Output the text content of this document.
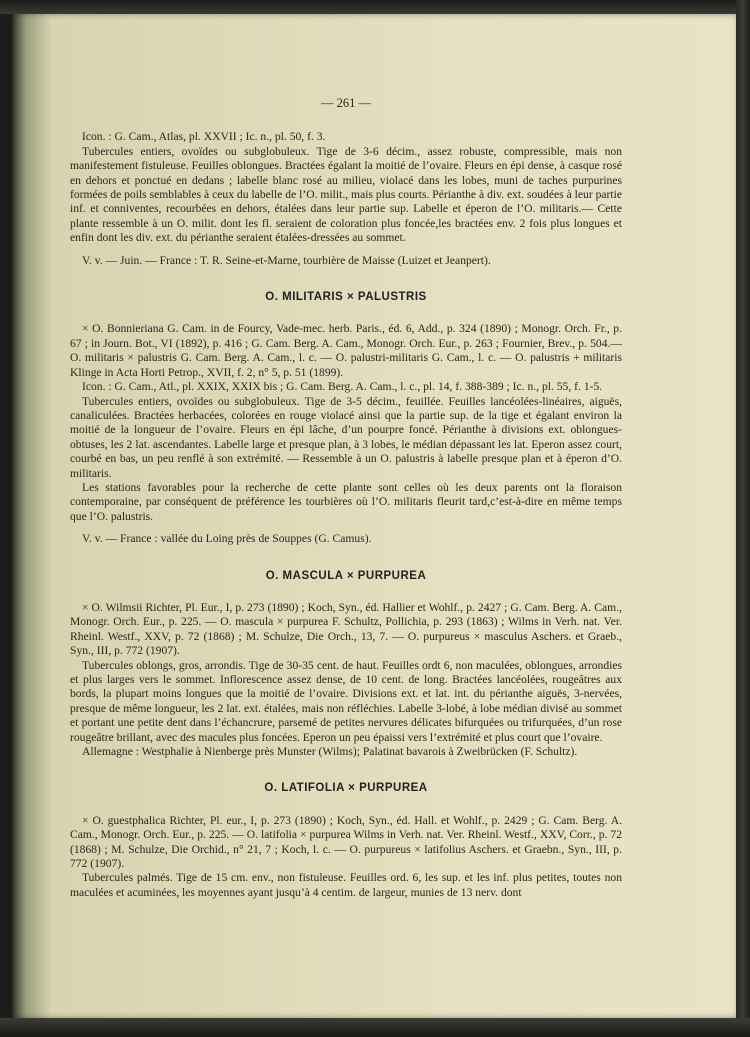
— 261 —
Icon. : G. Cam., Atlas, pl. XXVII ; Ic. n., pl. 50, f. 3.
Tubercules entiers, ovoïdes ou subglobuleux. Tige de 3-6 décim., assez robuste, compressible, mais non manifestement fistuleuse. Feuilles oblongues. Bractées égalant la moitié de l’ovaire. Fleurs en épi dense, à casque rosé en dehors et ponctué en dedans ; labelle blanc rosé au milieu, violacé dans les lobes, muni de taches purpurines formées de poils semblables à ceux du labelle de l’O. milit., mais plus courts. Périanthe à div. ext. soudées à leur partie inf. et conniventes, recourbées en dehors, étalées dans leur partie sup. Labelle et éperon de l’O. militaris.— Cette plante ressemble à un O. milit. dont les fl. seraient de coloration plus foncée,les bractées env. 2 fois plus longues et enfin dont les div. ext. du périanthe seraient étalées-dressées au sommet.
V. v. — Juin. — France : T. R. Seine-et-Marne, tourbière de Maisse (Luizet et Jeanpert).
O. MILITARIS × PALUSTRIS
× O. Bonnieriana G. Cam. in de Fourcy, Vade-mec. herb. Paris., éd. 6, Add., p. 324 (1890) ; Monogr. Orch. Fr., p. 67 ; in Journ. Bot., VI (1892), p. 416 ; G. Cam. Berg. A. Cam., Monogr. Orch. Eur., p. 263 ; Fournier, Brev., p. 504.— O. militaris × palustris G. Cam. Berg. A. Cam., l. c. — O. palustri-militaris G. Cam., l. c. — O. palustris + militaris Klinge in Acta Horti Petrop., XVII, f. 2, n° 5, p. 51 (1899).
Icon. : G. Cam., Atl., pl. XXIX, XXIX bis ; G. Cam. Berg. A. Cam., l. c., pl. 14, f. 388-389 ; Ic. n., pl. 55, f. 1-5.
Tubercules entiers, ovoïdes ou subglobuleux. Tige de 3-5 décim., feuillée. Feuilles lancéolées-linéaires, aiguës, canaliculées. Bractées herbacées, colorées en rouge violacé ainsi que la partie sup. de la tige et égalant environ la moitié de la longueur de l’ovaire. Fleurs en épi lâche, d’un pourpre foncé. Périanthe à divisions ext. oblongues-obtuses, les 2 lat. ascendantes. Labelle large et presque plan, à 3 lobes, le médian dépassant les lat. Eperon assez court, courbé en bas, un peu renflé à son extrémité. — Ressemble à un O. palustris à labelle presque plan et à éperon d’O. militaris.
Les stations favorables pour la recherche de cette plante sont celles où les deux parents ont la floraison contemporaine, par conséquent de préférence les tourbières où l’O. militaris fleurit tard,c’est-à-dire en même temps que l’O. palustris.
V. v. — France : vallée du Loing près de Souppes (G. Camus).
O. MASCULA × PURPUREA
× O. Wilmsii Richter, Pl. Eur., I, p. 273 (1890) ; Koch, Syn., éd. Hallier et Wohlf., p. 2427 ; G. Cam. Berg. A. Cam., Monogr. Orch. Eur., p. 225. — O. mascula × purpurea F. Schultz, Pollichia, p. 293 (1863) ; Wilms in Verh. nat. Ver. Rheinl. Westf., XXV, p. 72 (1868) ; M. Schulze, Die Orch., 13, 7. — O. purpureus × masculus Aschers. et Graeb., Syn., III, p. 772 (1907).
Tubercules oblongs, gros, arrondis. Tige de 30-35 cent. de haut. Feuilles ordt 6, non maculées, oblongues, arrondies et plus larges vers le sommet. Inflorescence assez dense, de 10 cent. de long. Bractées lancéolées, rougeâtres aux bords, la plupart moins longues que la moitié de l’ovaire. Divisions ext. et lat. int. du périanthe aiguës, 3-nervées, presque de même longueur, les 2 lat. ext. étalées, mais non réfléchies. Labelle 3-lobé, à lobe médian divisé au sommet et portant une petite dent dans l’échancrure, parsemé de petites nervures délicates bifurquées ou trifurquées, d’un rose rougeâtre brillant, avec des macules plus foncées. Eperon un peu épaissi vers l’extrémité et plus court que l’ovaire.
Allemagne : Westphalie à Nienberge près Munster (Wilms); Palatinat bavarois à Zweibrücken (F. Schultz).
O. LATIFOLIA × PURPUREA
× O. guestphalica Richter, Pl. eur., I, p. 273 (1890) ; Koch, Syn., éd. Hall. et Wohlf., p. 2429 ; G. Cam. Berg. A. Cam., Monogr. Orch. Eur., p. 225. — O. latifolia × purpurea Wilms in Verh. nat. Ver. Rheinl. Westf., XXV, Corr., p. 72 (1868) ; M. Schulze, Die Orchid., n° 21, 7 ; Koch, l. c. — O. purpureus × latifolius Aschers. et Graebn., Syn., III, p. 772 (1907).
Tubercules palmés. Tige de 15 cm. env., non fistuleuse. Feuilles ord. 6, les sup. et les inf. plus petites, toutes non maculées et acuminées, les moyennes ayant jusqu’à 4 centim. de largeur, munies de 13 nerv. dont
